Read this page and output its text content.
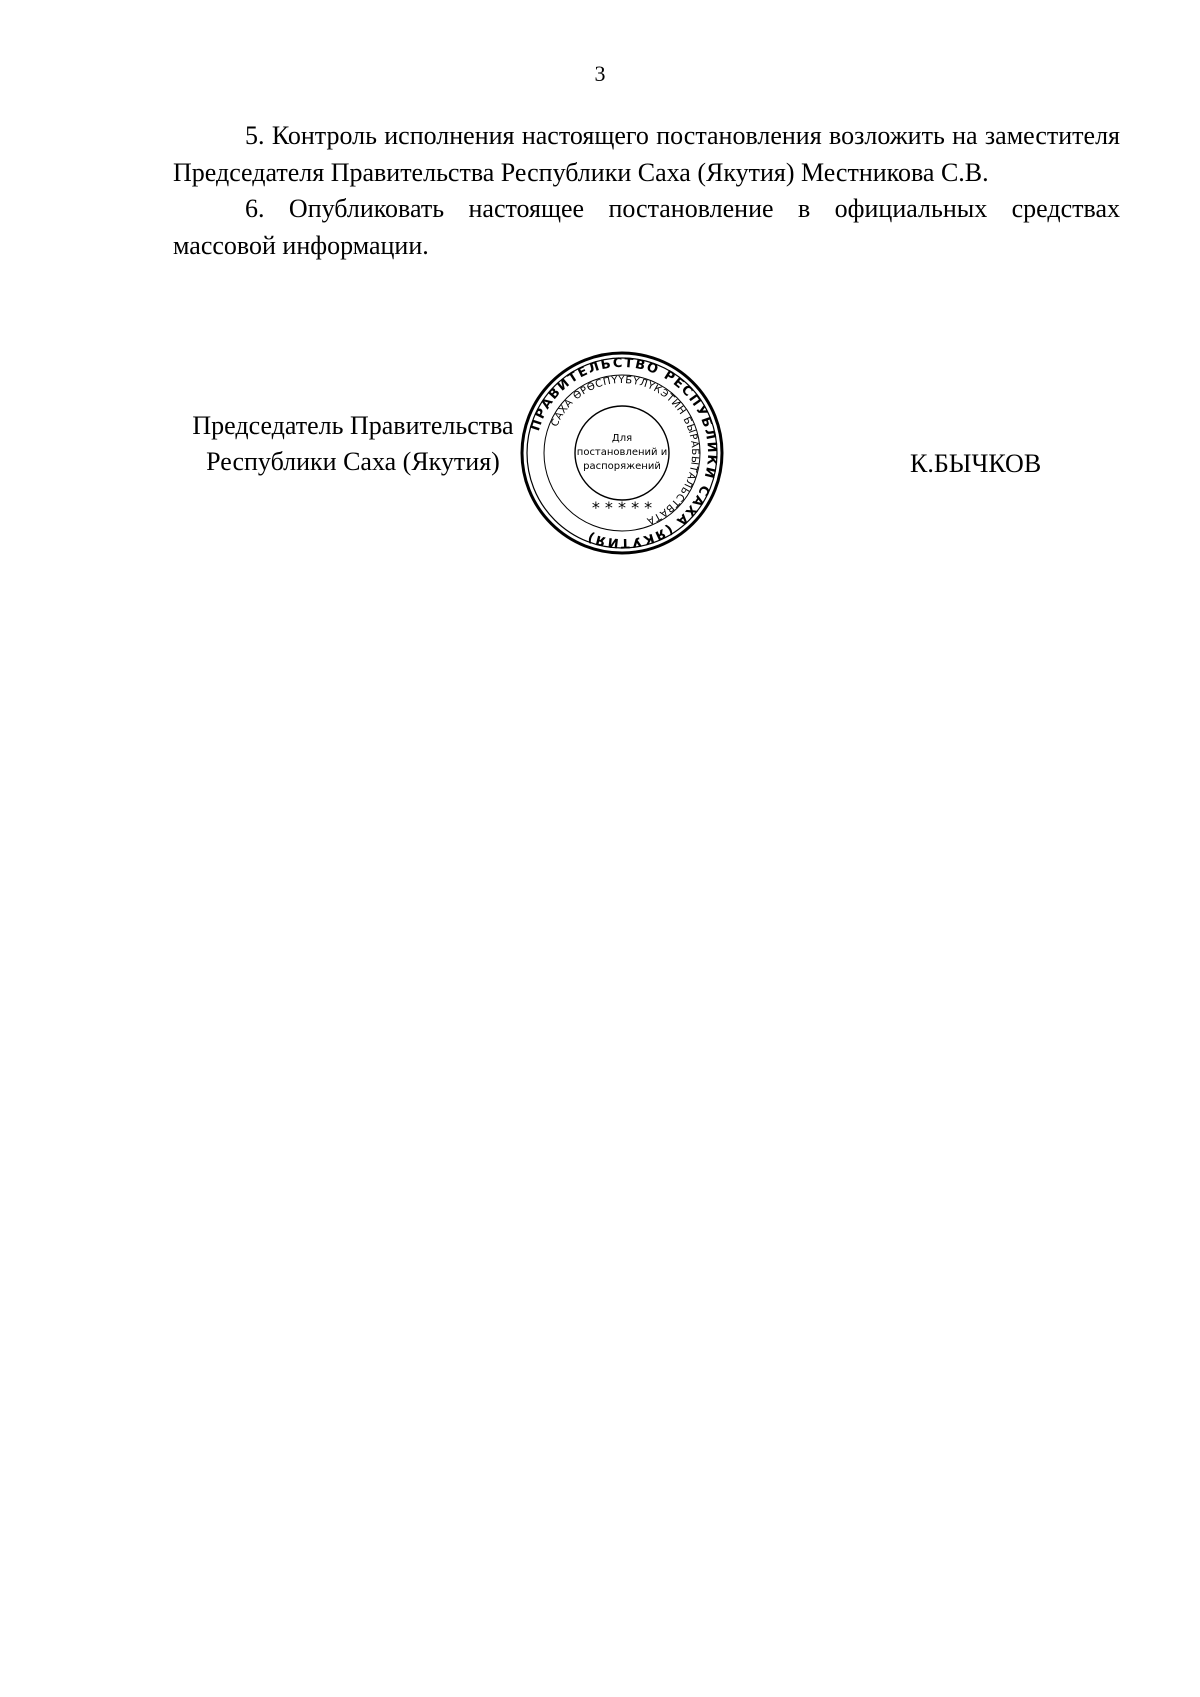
3

5. Контроль исполнения настоящего постановления возложить на заместителя Председателя Правительства Республики Саха (Якутия) Местникова С.В.

6. Опубликовать настоящее постановление в официальных средствах массовой информации.

Председатель Правительства
Республики Саха (Якутия)	К.БЫЧКОВ
ПРАВИТЕЛЬСТВО РЕСПУБЛИКИ САХА (ЯКУТИЯ)
САХА ӨРӨСПҮҮБҮЛҮКЭТИН БЫРАБЫТАЛЬСТВАТА
Для
постановлений и
распоряжений
* * * * *
